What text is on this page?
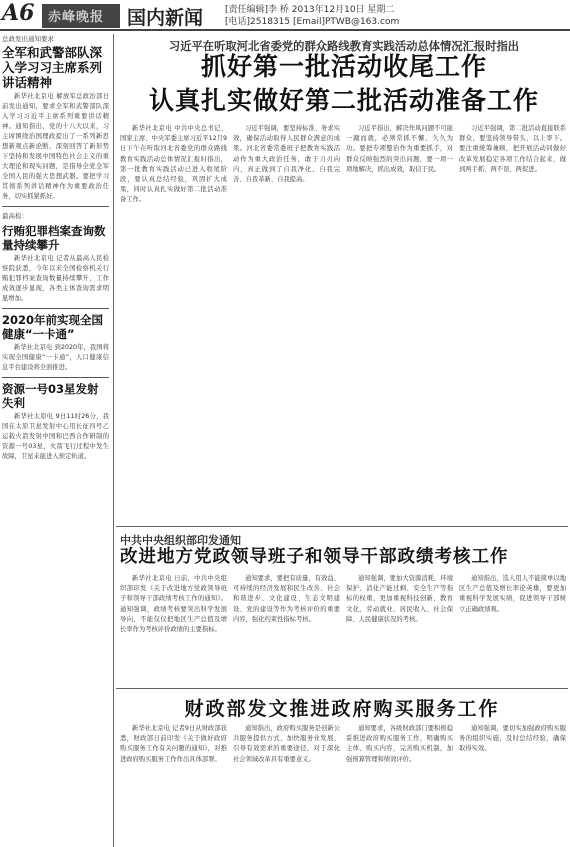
A6 赤峰晚报 国内新闻 [责任编辑]李 桥 2013年12月10日 星期二
[电话]2518315 [Email]PTWB@163.com
总政发出通知要求
全军和武警部队深入学习习主席系列讲话精神
新华社北京电 解放军总政治部日前发出通知，要求全军和武警部队深入学习习近平主席系列重要讲话精神。通知指出，党的十八大以来，习主席围绕治国理政提出了一系列新思想新观点新论断，深刻回答了新形势下坚持和发展中国特色社会主义的重大理论和现实问题，是指导全党全军全国人民的强大思想武器。要把学习贯彻系列讲话精神作为重要政治任务，切实抓紧抓好。
最高检：
行贿犯罪档案查询数量持续攀升
新华社北京电 记者从最高人民检察院获悉，今年以来全国检察机关行贿犯罪档案查询数量持续攀升，工作成效逐步显现，各类主体查询需求明显增加。
2020年前实现全国健康“一卡通”
新华社北京电 到2020年，我国将实现全国健康“一卡通”，人口健康信息平台建设将全面推进。
资源一号03星发射失利
新华社太原电 9日11时26分，我国在太原卫星发射中心用长征四号乙运载火箭发射中国和巴西合作研制的资源一号03星，火箭飞行过程中发生故障，卫星未能进入预定轨道。
习近平在听取河北省委党的群众路线教育实践活动总体情况汇报时指出
抓好第一批活动收尾工作
认真扎实做好第二批活动准备工作

新华社北京电 中共中央总书记、国家主席、中央军委主席习近平12月9日下午在听取河北省委党的群众路线教育实践活动总体情况汇报时指出，第一批教育实践活动已进入收尾阶段，要认真总结经验，巩固扩大成果，同时认真扎实做好第二批活动准备工作。

习近平强调，要坚持标准、务求实效，确保活动取得人民群众满意的成果。河北省委常委班子把教育实践活动作为重大政治任务，敢于刀刃向内，真正做到了自我净化、自我完善、自我革新、自我提高。

习近平指出，解决作风问题不可能一蹴而就，必须常抓不懈、久久为功。要把专项整治作为重要抓手，对群众反映强烈的突出问题，要一项一项地解决，抓出成效，取信于民。

习近平强调，第二批活动直接联系群众，要坚持领导带头，以上率下。要注重统筹兼顾，把开展活动同做好改革发展稳定各项工作结合起来，做到两手抓、两不误、两促进。

中共中央组织部印发通知
改进地方党政领导班子和领导干部政绩考核工作

新华社北京电 日前，中共中央组织部印发《关于改进地方党政领导班子和领导干部政绩考核工作的通知》。通知强调，政绩考核要突出科学发展导向，不能仅仅把地区生产总值及增长率作为考核评价政绩的主要指标。

通知要求，要把有质量、有效益、可持续的经济发展和民生改善、社会和谐进步、文化建设、生态文明建设、党的建设等作为考核评价的重要内容，强化约束性指标考核。

通知强调，要加大资源消耗、环境保护、消化产能过剩、安全生产等指标的权重，更加重视科技创新、教育文化、劳动就业、居民收入、社会保障、人民健康状况的考核。

通知指出，选人用人不能简单以地区生产总值及增长率论英雄，要更加重视科学发展实绩，促进领导干部树立正确政绩观。

财政部发文推进政府购买服务工作

新华社北京电 记者9日从财政部获悉，财政部日前印发《关于做好政府购买服务工作有关问题的通知》，对推进政府购买服务工作作出具体部署。

通知指出，政府购买服务是创新公共服务提供方式、加快服务业发展、引导有效需求的重要途径，对于深化社会领域改革具有重要意义。

通知要求，各级财政部门要积极稳妥推进政府购买服务工作，明确购买主体、购买内容，完善购买机制，加强预算管理和绩效评价。

通知强调，要切实加强政府购买服务的组织实施，及时总结经验，确保取得实效。
